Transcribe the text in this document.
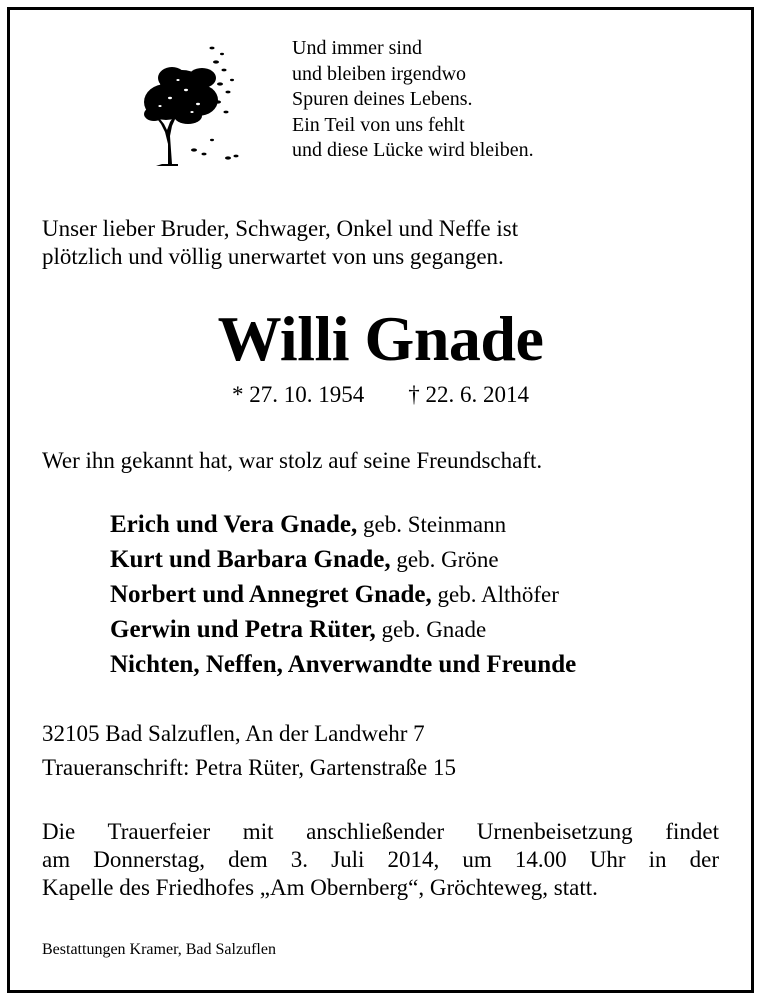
Und immer sind
und bleiben irgendwo
Spuren deines Lebens.
Ein Teil von uns fehlt
und diese Lücke wird bleiben.
Unser lieber Bruder, Schwager, Onkel und Neffe ist
plötzlich und völlig unerwartet von uns gegangen.
Willi Gnade
* 27. 10. 1954 † 22. 6. 2014
Wer ihn gekannt hat, war stolz auf seine Freundschaft.
Erich und Vera Gnade, geb. Steinmann
Kurt und Barbara Gnade, geb. Gröne
Norbert und Annegret Gnade, geb. Althöfer
Gerwin und Petra Rüter, geb. Gnade
Nichten, Neffen, Anverwandte und Freunde
32105 Bad Salzuflen, An der Landwehr 7
Traueranschrift: Petra Rüter, Gartenstraße 15
Die Trauerfeier mit anschließender Urnenbeisetzung findet
am Donnerstag, dem 3. Juli 2014, um 14.00 Uhr in der
Kapelle des Friedhofes „Am Obernberg“, Gröchteweg, statt.
Bestattungen Kramer, Bad Salzuflen
